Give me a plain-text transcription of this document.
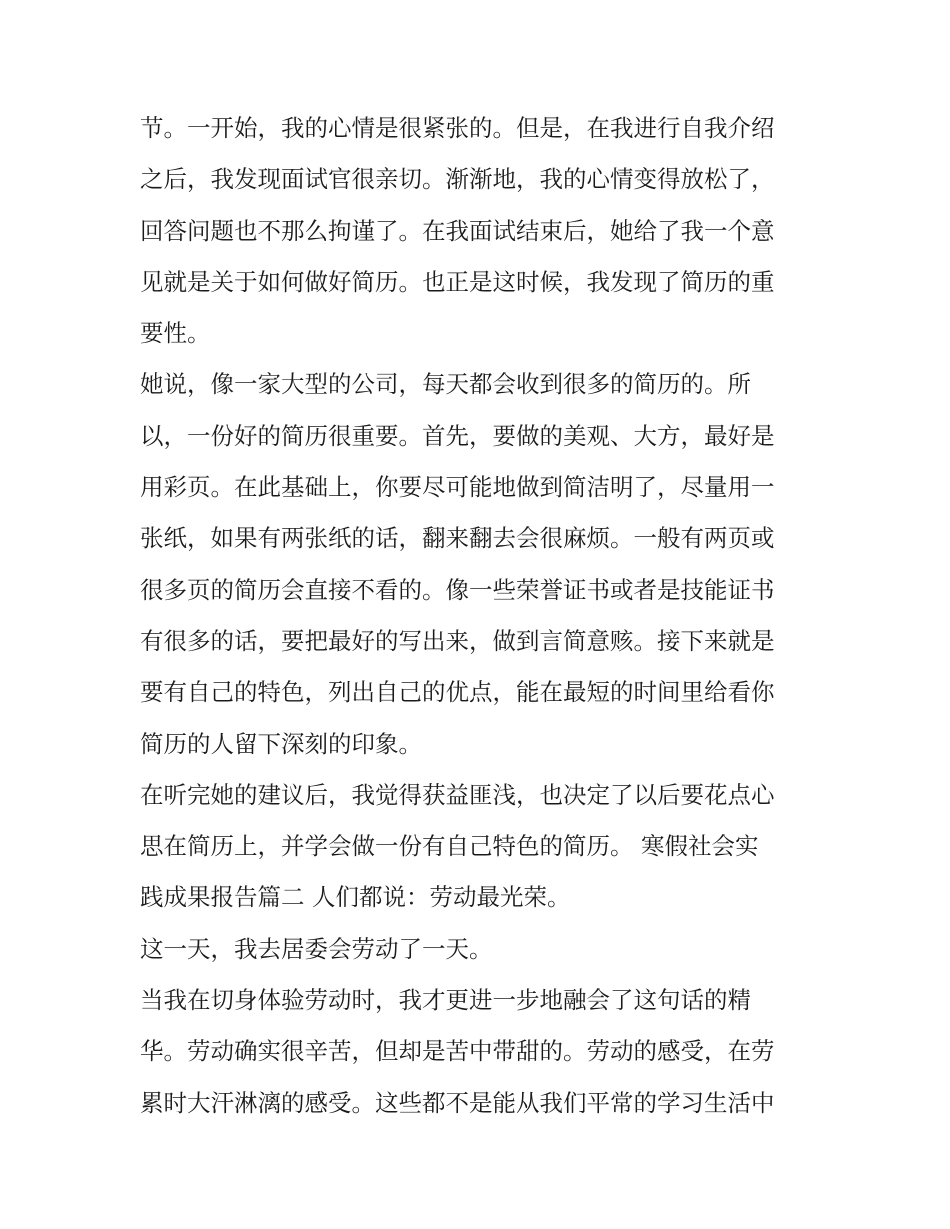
节。一开始，我的心情是很紧张的。但是，在我进行自我介绍
之后，我发现面试官很亲切。渐渐地，我的心情变得放松了，
回答问题也不那么拘谨了。在我面试结束后，她给了我一个意
见就是关于如何做好简历。也正是这时候，我发现了简历的重
要性。
她说，像一家大型的公司，每天都会收到很多的简历的。所
以，一份好的简历很重要。首先，要做的美观、大方，最好是
用彩页。在此基础上，你要尽可能地做到简洁明了，尽量用一
张纸，如果有两张纸的话，翻来翻去会很麻烦。一般有两页或
很多页的简历会直接不看的。像一些荣誉证书或者是技能证书
有很多的话，要把最好的写出来，做到言简意赅。接下来就是
要有自己的特色，列出自己的优点，能在最短的时间里给看你
简历的人留下深刻的印象。
在听完她的建议后，我觉得获益匪浅，也决定了以后要花点心
思在简历上，并学会做一份有自己特色的简历。 寒假社会实
践成果报告篇二 人们都说：劳动最光荣。
这一天，我去居委会劳动了一天。
当我在切身体验劳动时，我才更进一步地融会了这句话的精
华。劳动确实很辛苦，但却是苦中带甜的。劳动的感受，在劳
累时大汗淋漓的感受。这些都不是能从我们平常的学习生活中
